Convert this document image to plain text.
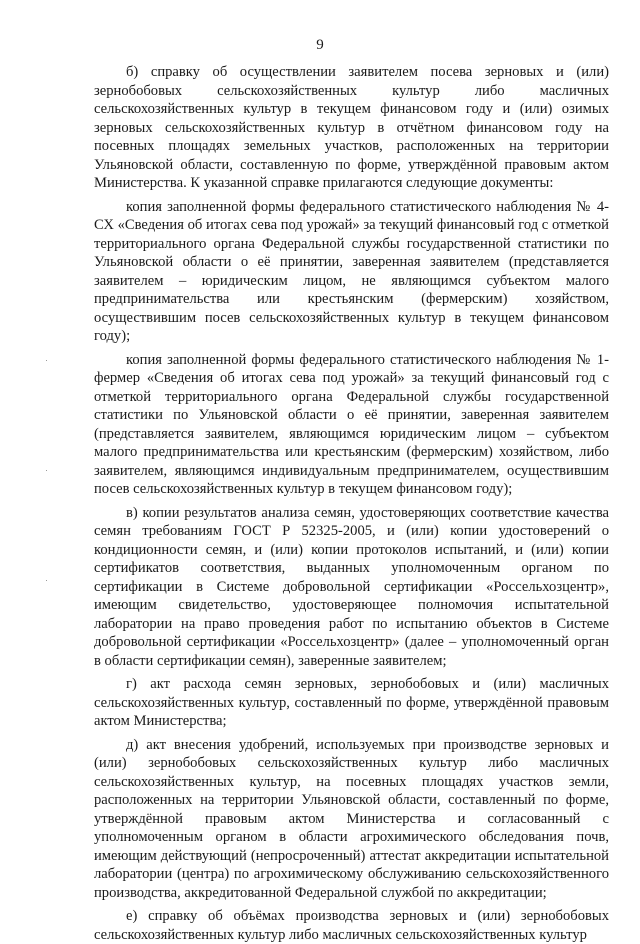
9

б) справку об осуществлении заявителем посева зерновых и (или) зернобобовых сельскохозяйственных культур либо масличных сельскохозяйственных культур в текущем финансовом году и (или) озимых зерновых сельскохозяйственных культур в отчётном финансовом году на посевных площадях земельных участков, расположенных на территории Ульяновской области, составленную по форме, утверждённой правовым актом Министерства. К указанной справке прилагаются следующие документы:

копия заполненной формы федерального статистического наблюдения № 4-СХ «Сведения об итогах сева под урожай» за текущий финансовый год с отметкой территориального органа Федеральной службы государственной статистики по Ульяновской области о её принятии, заверенная заявителем (представляется заявителем – юридическим лицом, не являющимся субъектом малого предпринимательства или крестьянским (фермерским) хозяйством, осуществившим посев сельскохозяйственных культур в текущем финансовом году);

копия заполненной формы федерального статистического наблюдения № 1-фермер «Сведения об итогах сева под урожай» за текущий финансовый год с отметкой территориального органа Федеральной службы государственной статистики по Ульяновской области о её принятии, заверенная заявителем (представляется заявителем, являющимся юридическим лицом – субъектом малого предпринимательства или крестьянским (фермерским) хозяйством, либо заявителем, являющимся индивидуальным предпринимателем, осуществившим посев сельскохозяйственных культур в текущем финансовом году);

в) копии результатов анализа семян, удостоверяющих соответствие качества семян требованиям ГОСТ Р 52325-2005, и (или) копии удостоверений о кондиционности семян, и (или) копии протоколов испытаний, и (или) копии сертификатов соответствия, выданных уполномоченным органом по сертификации в Системе добровольной сертификации «Россельхозцентр», имеющим свидетельство, удостоверяющее полномочия испытательной лаборатории на право проведения работ по испытанию объектов в Системе добровольной сертификации «Россельхозцентр» (далее – уполномоченный орган в области сертификации семян), заверенные заявителем;

г) акт расхода семян зерновых, зернобобовых и (или) масличных сельскохозяйственных культур, составленный по форме, утверждённой правовым актом Министерства;

д) акт внесения удобрений, используемых при производстве зерновых и (или) зернобобовых сельскохозяйственных культур либо масличных сельскохозяйственных культур, на посевных площадях участков земли, расположенных на территории Ульяновской области, составленный по форме, утверждённой правовым актом Министерства и согласованный с уполномоченным органом в области агрохимического обследования почв, имеющим действующий (непросроченный) аттестат аккредитации испытательной лаборатории (центра) по агрохимическому обслуживанию сельскохозяйственного производства, аккредитованной Федеральной службой по аккредитации;

е) справку об объёмах производства зерновых и (или) зернобобовых сельскохозяйственных культур либо масличных сельскохозяйственных культур
